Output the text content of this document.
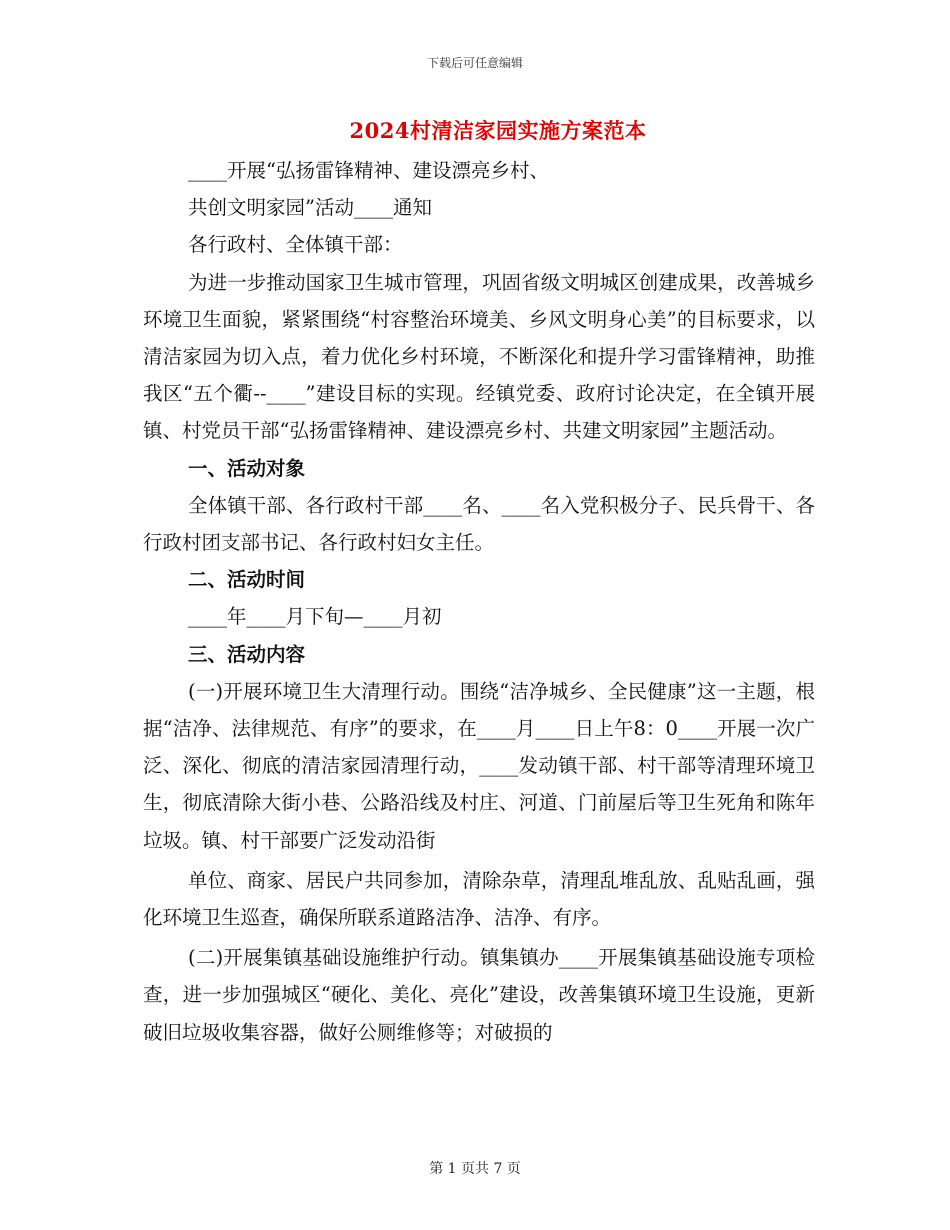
下载后可任意编辑
2024村清洁家园实施方案范本

____开展“弘扬雷锋精神、建设漂亮乡村、

共创文明家园”活动____通知

各行政村、全体镇干部：

为进一步推动国家卫生城市管理，巩固省级文明城区创建成果，改善城乡环境卫生面貌，紧紧围绕“村容整治环境美、乡风文明身心美”的目标要求，以清洁家园为切入点，着力优化乡村环境，不断深化和提升学习雷锋精神，助推我区“五个衢--____”建设目标的实现。经镇党委、政府讨论决定，在全镇开展镇、村党员干部“弘扬雷锋精神、建设漂亮乡村、共建文明家园”主题活动。

一、活动对象

全体镇干部、各行政村干部____名、____名入党积极分子、民兵骨干、各行政村团支部书记、各行政村妇女主任。

二、活动时间

____年____月下旬—____月初

三、活动内容

(一)开展环境卫生大清理行动。围绕“洁净城乡、全民健康”这一主题，根据“洁净、法律规范、有序”的要求，在____月____日上午8：0____开展一次广泛、深化、彻底的清洁家园清理行动，____发动镇干部、村干部等清理环境卫生，彻底清除大街小巷、公路沿线及村庄、河道、门前屋后等卫生死角和陈年垃圾。镇、村干部要广泛发动沿街

单位、商家、居民户共同参加，清除杂草，清理乱堆乱放、乱贴乱画，强化环境卫生巡查，确保所联系道路洁净、洁净、有序。

(二)开展集镇基础设施维护行动。镇集镇办____开展集镇基础设施专项检查，进一步加强城区“硬化、美化、亮化”建设，改善集镇环境卫生设施，更新破旧垃圾收集容器，做好公厕维修等；对破损的

第 1 页共 7 页
